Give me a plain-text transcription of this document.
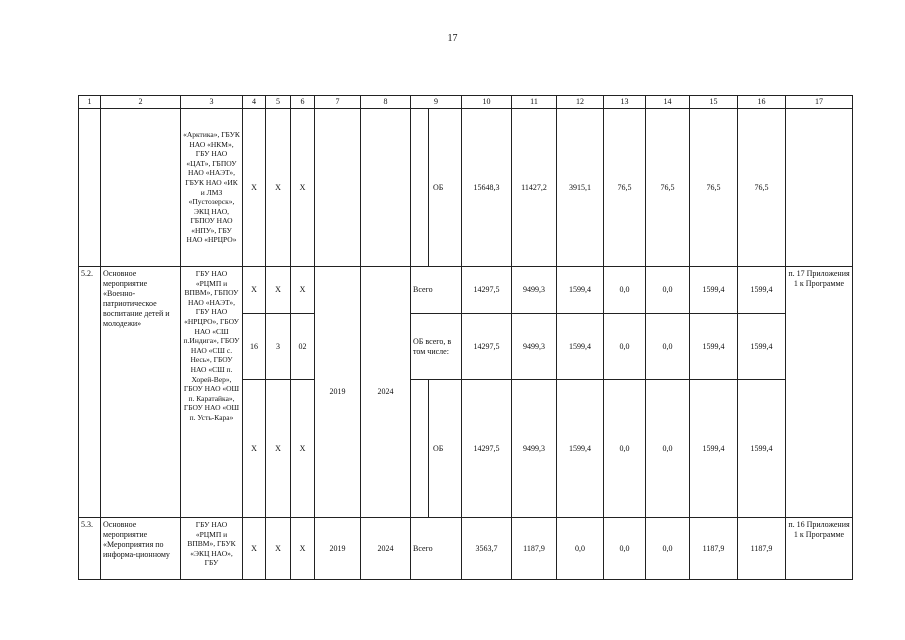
17
1	2	3	4	5	6	7	8	9	10	11	12	13	14	15	16	17
		«Арктика», ГБУК НАО «НКМ», ГБУ НАО «ЦАТ», ГБПОУ НАО «НАЭТ», ГБУК НАО «ИК и ЛМЗ «Пустозерск», ЭКЦ НАО, ГБПОУ НАО «НПУ», ГБУ НАО «НРЦРО»	Х	Х	Х			ОБ	15648,3	11427,2	3915,1	76,5	76,5	76,5	76,5	
5.2.	Основное мероприятие «Военно-патриотическое воспитание детей и молодежи»	ГБУ НАО «РЦМП и ВПВМ», ГБПОУ НАО «НАЭТ», ГБУ НАО «НРЦРО», ГБОУ НАО «СШ п.Индига», ГБОУ НАО «СШ с. Несь», ГБОУ НАО «СШ п. Хорей-Вер», ГБОУ НАО «ОШ п. Каратайка», ГБОУ НАО «ОШ п. Усть-Кара»	Х	Х	Х	2019	2024	Всего	14297,5	9499,3	1599,4	0,0	0,0	1599,4	1599,4	п. 17 Приложения 1 к Программе
			16	3	02			ОБ всего, в том числе:	14297,5	9499,3	1599,4	0,0	0,0	1599,4	1599,4	
			Х	Х	Х			ОБ	14297,5	9499,3	1599,4	0,0	0,0	1599,4	1599,4	
5.3.	Основное мероприятие «Мероприятия по информа-ционному	ГБУ НАО «РЦМП и ВПВМ», ГБУК «ЭКЦ НАО», ГБУ	Х	Х	Х	2019	2024	Всего	3563,7	1187,9	0,0	0,0	0,0	1187,9	1187,9	п. 16 Приложения 1 к Программе
